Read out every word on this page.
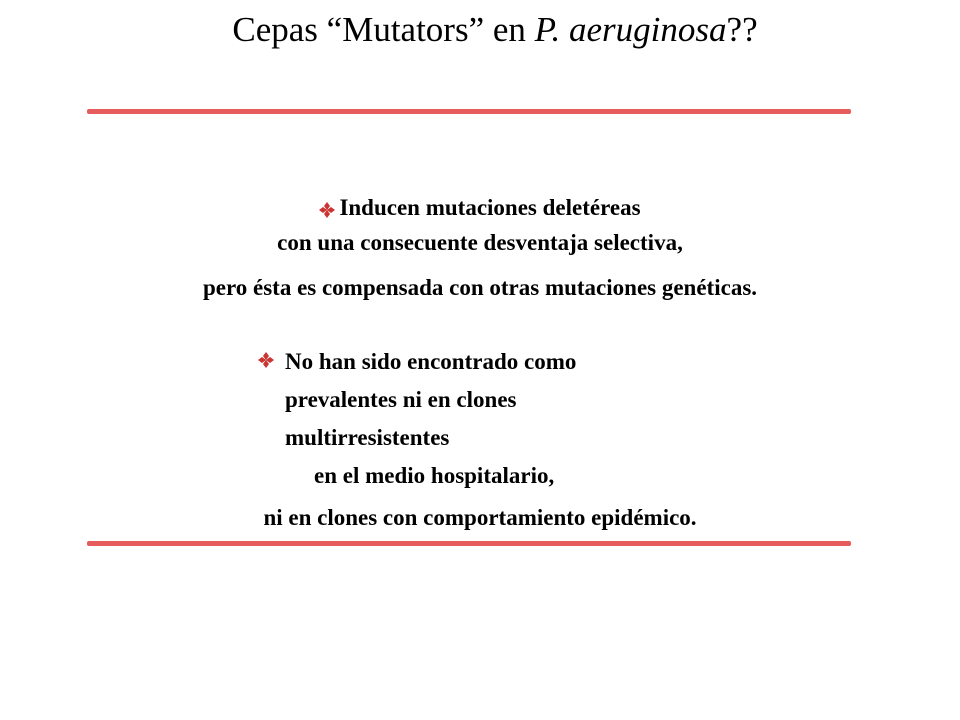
Cepas “Mutators” en P. aeruginosa??
Inducen mutaciones deletéreas
con una consecuente desventaja selectiva,
pero ésta es compensada con otras mutaciones genéticas.
No han sido encontrado como
prevalentes ni en clones
multirresistentes
en el medio hospitalario,
ni en clones con comportamiento epidémico.
